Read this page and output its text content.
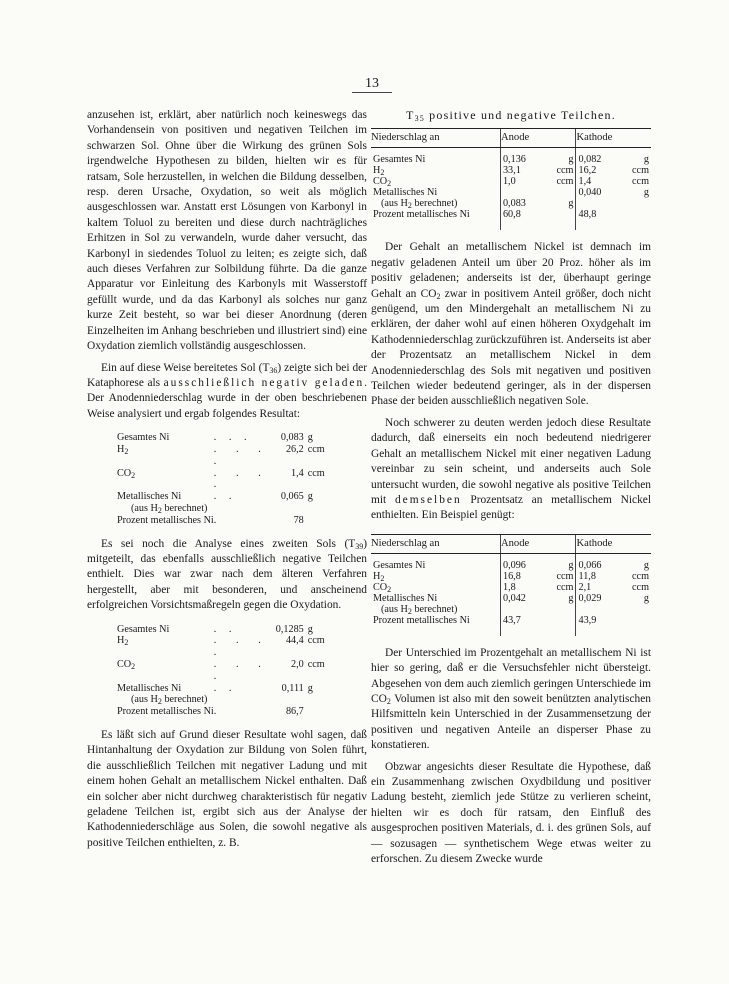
13

anzusehen ist, erklärt, aber natürlich noch keineswegs das Vorhandensein von positiven und negativen Teilchen im schwarzen Sol. Ohne über die Wirkung des grünen Sols irgendwelche Hypothesen zu bilden, hielten wir es für ratsam, Sole herzustellen, in welchen die Bildung desselben, resp. deren Ursache, Oxydation, so weit als möglich ausgeschlossen war. Anstatt erst Lösungen von Karbonyl in kaltem Toluol zu bereiten und diese durch nachträgliches Erhitzen in Sol zu verwandeln, wurde daher versucht, das Karbonyl in siedendes Toluol zu leiten; es zeigte sich, daß auch dieses Verfahren zur Solbildung führte. Da die ganze Apparatur vor Einleitung des Karbonyls mit Wasserstoff gefüllt wurde, und da das Karbonyl als solches nur ganz kurze Zeit besteht, so war bei dieser Anordnung (deren Einzelheiten im Anhang beschrieben und illustriert sind) eine Oxydation ziemlich vollständig ausgeschlossen.

Ein auf diese Weise bereitetes Sol $(T_{36})$ zeigte sich bei der Kataphorese als ausschließlich negativ geladen. Der Anodenniederschlag wurde in der oben beschriebenen Weise analysiert und ergab folgendes Resultat:

Gesamtes Ni	. . .	0,083	g
$H_2$	. . . .	26,2	ccm
$CO_2$	. . . .	1,4	ccm
Metallisches Ni	. .	0,065	g
(aus $H_2$ berechnet)			
Prozent metallisches Ni	.	78	

Es sei noch die Analyse eines zweiten Sols $(T_{39})$ mitgeteilt, das ebenfalls ausschließlich negative Teilchen enthielt. Dies war zwar nach dem älteren Verfahren hergestellt, aber mit besonderen, und anscheinend erfolgreichen Vorsichtsmaßregeln gegen die Oxydation.

Gesamtes Ni	. .	0,1285	g
$H_2$	. . . .	44,4	ccm
$CO_2$	. . . .	2,0	ccm
Metallisches Ni	. .	0,111	g
(aus $H_2$ berechnet)			
Prozent metallisches Ni	.	86,7	

Es läßt sich auf Grund dieser Resultate wohl sagen, daß Hintanhaltung der Oxydation zur Bildung von Solen führt, die ausschließlich Teilchen mit negativer Ladung und mit einem hohen Gehalt an metallischem Nickel enthalten. Daß ein solcher aber nicht durchweg charakteristisch für negativ geladene Teilchen ist, ergibt sich aus der Analyse der Kathodenniederschläge aus Solen, die sowohl negative als positive Teilchen enthielten, z. B.

$T_{35}$ positive und negative Teilchen.
Niederschlag an	Anode	Kathode
Gesamtes Ni	0,136 g	0,082 g

$H_2$	33,1 ccm	16,2 ccm

$CO_2$	1,0 ccm	1,4 ccm

Metallisches Ni		0,040 g

(aus $H_2$ berechnet)	0,083 g	

Prozent metallisches Ni	60,8	48,8

Der Gehalt an metallischem Nickel ist demnach im negativ geladenen Anteil um über 20 Proz. höher als im positiv geladenen; anderseits ist der, überhaupt geringe Gehalt an $CO_2$ zwar in positivem Anteil größer, doch nicht genügend, um den Mindergehalt an metallischem Ni zu erklären, der daher wohl auf einen höheren Oxydgehalt im Kathodenniederschlag zurückzuführen ist. Anderseits ist aber der Prozentsatz an metallischem Nickel in dem Anodenniederschlag des Sols mit negativen und positiven Teilchen wieder bedeutend geringer, als in der dispersen Phase der beiden ausschließlich negativen Sole.

Noch schwerer zu deuten werden jedoch diese Resultate dadurch, daß einerseits ein noch bedeutend niedrigerer Gehalt an metallischem Nickel mit einer negativen Ladung vereinbar zu sein scheint, und anderseits auch Sole untersucht wurden, die sowohl negative als positive Teilchen mit demselben Prozentsatz an metallischem Nickel enthielten. Ein Beispiel genügt:

Niederschlag an	Anode	Kathode
Gesamtes Ni	0,096 g	0,066 g

$H_2$	16,8 ccm	11,8 ccm

$CO_2$	1,8 ccm	2,1 ccm

Metallisches Ni	0,042 g	0,029 g

(aus $H_2$ berechnet)		
Prozent metallisches Ni	43,7	43,9

Der Unterschied im Prozentgehalt an metallischem Ni ist hier so gering, daß er die Versuchsfehler nicht übersteigt. Abgesehen von dem auch ziemlich geringen Unterschiede im $CO_2$ Volumen ist also mit den soweit benützten analytischen Hilfsmitteln kein Unterschied in der Zusammensetzung der positiven und negativen Anteile an disperser Phase zu konstatieren.

Obzwar angesichts dieser Resultate die Hypothese, daß ein Zusammenhang zwischen Oxydbildung und positiver Ladung besteht, ziemlich jede Stütze zu verlieren scheint, hielten wir es doch für ratsam, den Einfluß des ausgesprochen positiven Materials, d. i. des grünen Sols, auf — sozusagen — synthetischem Wege etwas weiter zu erforschen. Zu diesem Zwecke wurde
